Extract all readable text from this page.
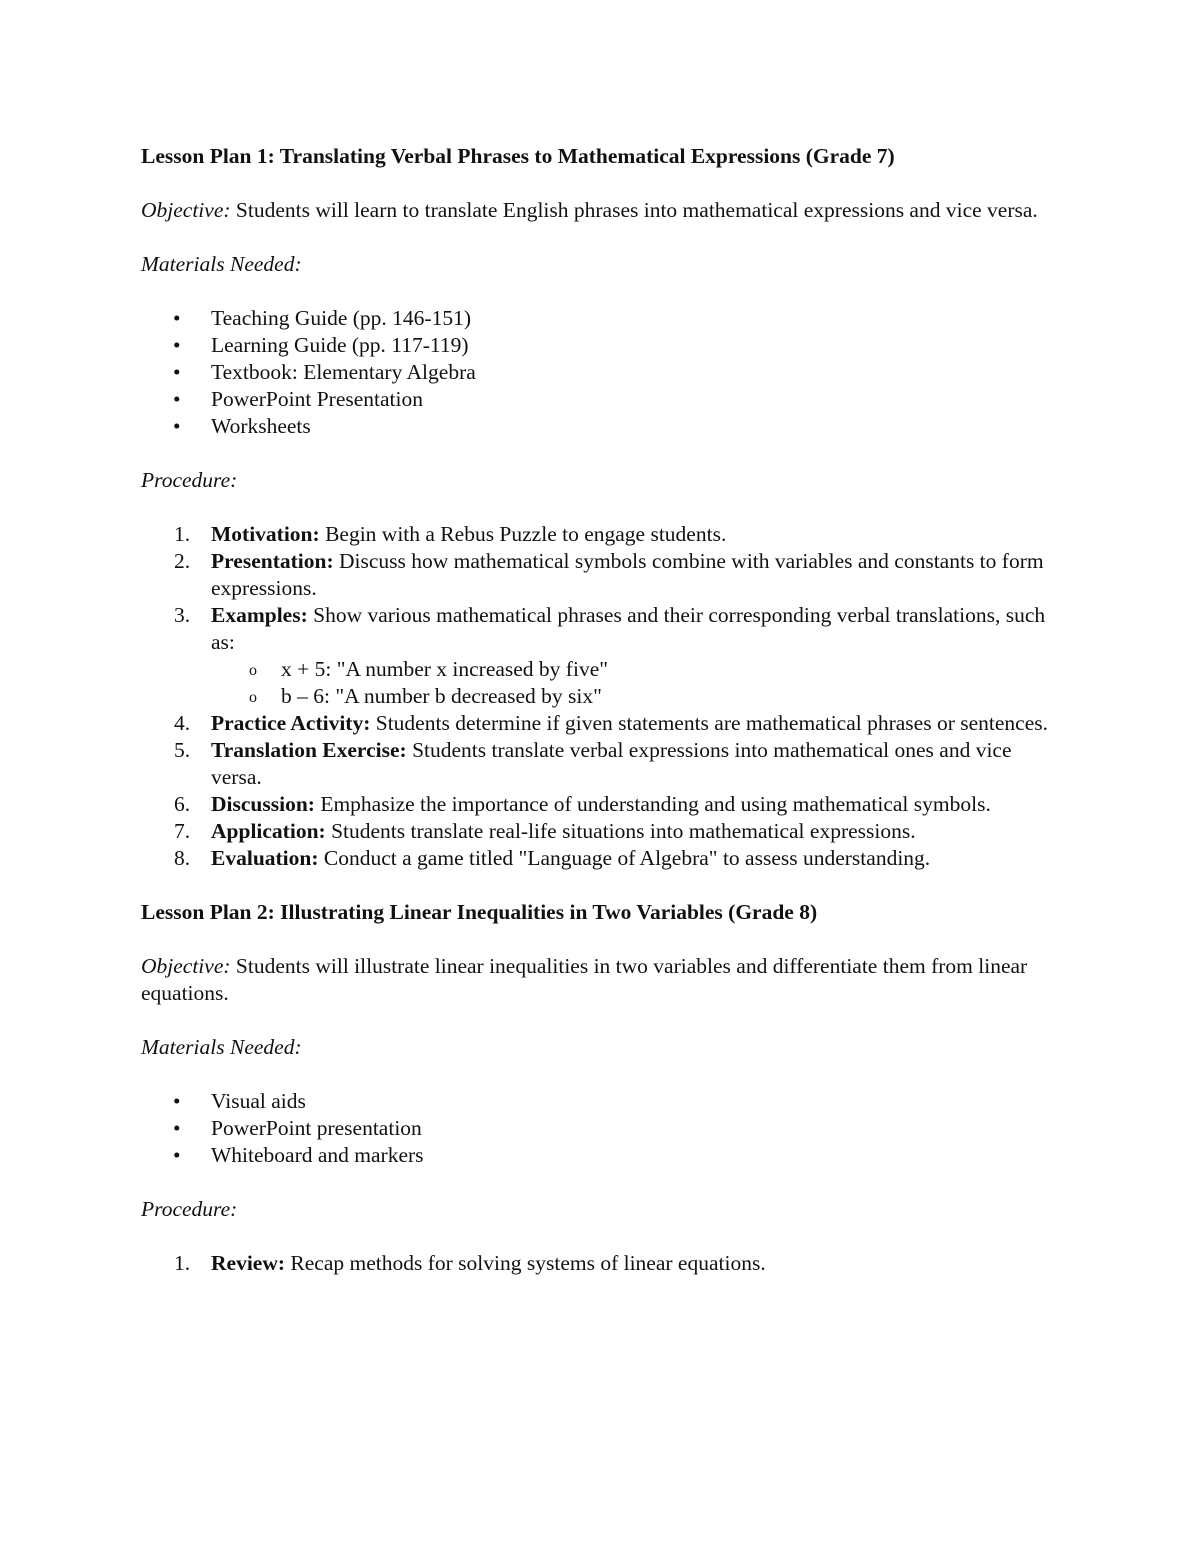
Lesson Plan 1: Translating Verbal Phrases to Mathematical Expressions (Grade 7)

Objective: Students will learn to translate English phrases into mathematical expressions and vice versa.

Materials Needed:

• Teaching Guide (pp. 146-151)
• Learning Guide (pp. 117-119)
• Textbook: Elementary Algebra
• PowerPoint Presentation
• Worksheets

Procedure:

1. Motivation: Begin with a Rebus Puzzle to engage students.
2. Presentation: Discuss how mathematical symbols combine with variables and constants to form expressions.
3. Examples: Show various mathematical phrases and their corresponding verbal translations, such as:
o x + 5: "A number x increased by five"
o b – 6: "A number b decreased by six"
4. Practice Activity: Students determine if given statements are mathematical phrases or sentences.
5. Translation Exercise: Students translate verbal expressions into mathematical ones and vice versa.
6. Discussion: Emphasize the importance of understanding and using mathematical symbols.
7. Application: Students translate real-life situations into mathematical expressions.
8. Evaluation: Conduct a game titled "Language of Algebra" to assess understanding.
Lesson Plan 2: Illustrating Linear Inequalities in Two Variables (Grade 8)

Objective: Students will illustrate linear inequalities in two variables and differentiate them from linear equations.

Materials Needed:

• Visual aids
• PowerPoint presentation
• Whiteboard and markers

Procedure:

1. Review: Recap methods for solving systems of linear equations.
